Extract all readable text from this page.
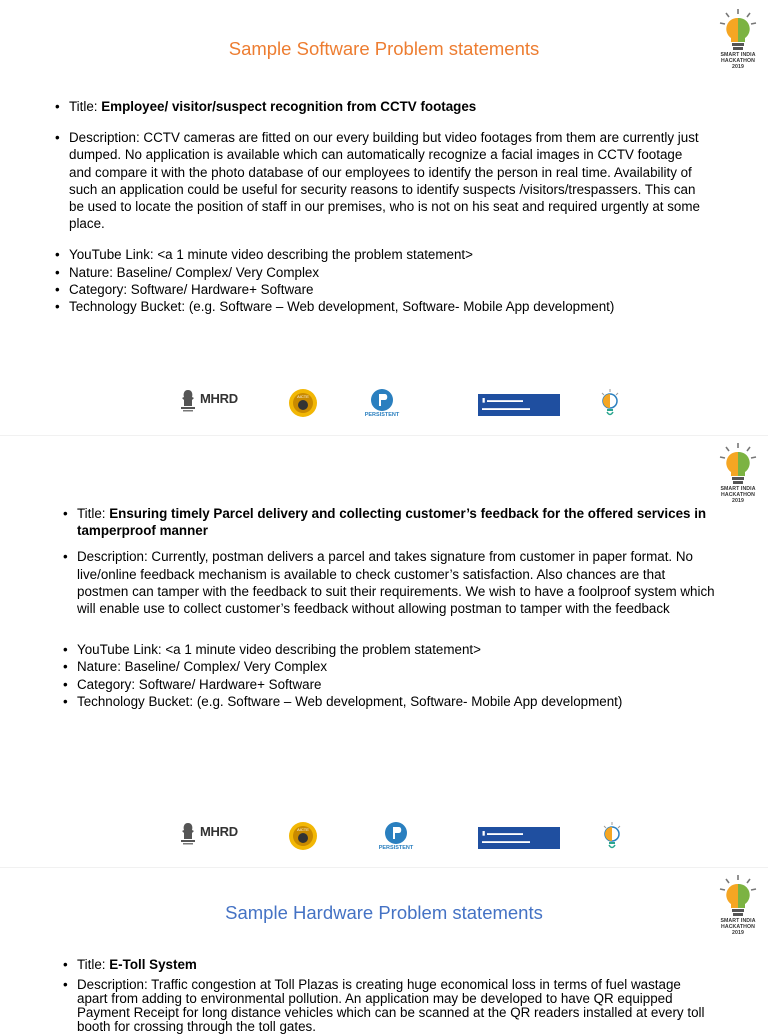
Sample Software Problem statements	SMART INDIA
HACKATHON
2019
• Title: Employee/ visitor/suspect recognition from CCTV footages
• Description: CCTV cameras are fitted on our every building but video footages from them are currently just dumped. No application is available which can automatically recognize a facial images in CCTV footage and compare it with the photo database of our employees to identify the person in real time. Availability of such an application could be useful for security reasons to identify suspects /visitors/trespassers. This can be used to locate the position of staff in our premises, who is not on his seat and required urgently at some place.
• YouTube Link: <a 1 minute video describing the problem statement>
• Nature: Baseline/ Complex/ Very Complex
• Category: Software/ Hardware+ Software
• Technology Bucket: (e.g. Software – Web development, Software- Mobile App development)
MHRD
PERSISTENT
▮ ▬▬▬▬▬▬
▬▬▬▬▬▬▬▬
SMART INDIA
HACKATHON
2019
• Title: Ensuring timely Parcel delivery and collecting customer’s feedback for the offered services in tamperproof manner
• Description: Currently, postman delivers a parcel and takes signature from customer in paper format. No live/online feedback mechanism is available to check customer’s satisfaction. Also chances are that postmen can tamper with the feedback to suit their requirements. We wish to have a foolproof system which will enable use to collect customer’s feedback without allowing postman to tamper with the feedback
• YouTube Link: <a 1 minute video describing the problem statement>
• Nature: Baseline/ Complex/ Very Complex
• Category: Software/ Hardware+ Software
• Technology Bucket: (e.g. Software – Web development, Software- Mobile App development)
MHRD
PERSISTENT
▮ ▬▬▬▬▬▬
▬▬▬▬▬▬▬▬
Sample Hardware Problem statements	SMART INDIA
HACKATHON
2019
• Title: E-Toll System
• Description: Traffic congestion at Toll Plazas is creating huge economical loss in terms of fuel wastage apart from adding to environmental pollution. An application may be developed to have QR equipped Payment Receipt for long distance vehicles which can be scanned at the QR readers installed at every toll booth for crossing through the toll gates.
